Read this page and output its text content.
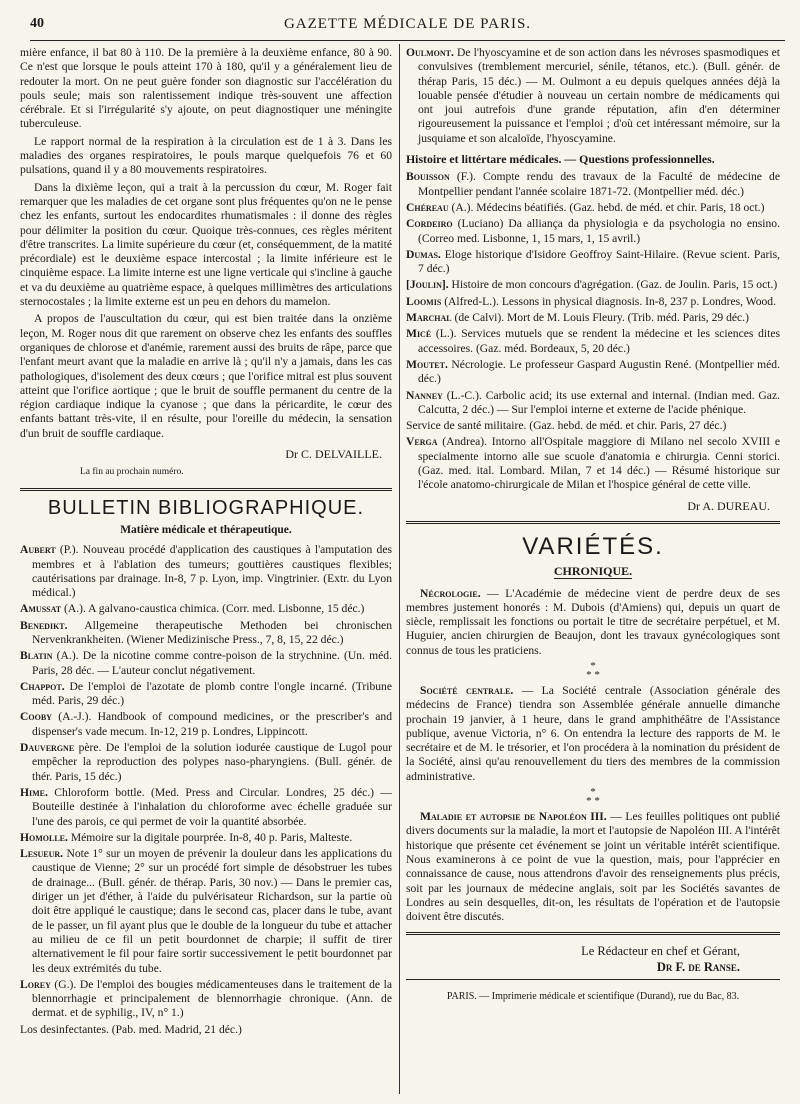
40	GAZETTE MÉDICALE DE PARIS.

mière enfance, il bat 80 à 110. De la première à la deuxième enfance, 80 à 90. Ce n'est que lorsque le pouls atteint 170 à 180, qu'il y a généralement lieu de redouter la mort. On ne peut guère fonder son diagnostic sur l'accélération du pouls seule; mais son ralentissement indique très-souvent une affection cérébrale. Et si l'irrégularité s'y ajoute, on peut diagnostiquer une méningite tuberculeuse.

Le rapport normal de la respiration à la circulation est de 1 à 3. Dans les maladies des organes respiratoires, le pouls marque quelquefois 76 et 60 pulsations, quand il y a 80 mouvements respiratoires.

Dans la dixième leçon, qui a trait à la percussion du cœur, M. Roger fait remarquer que les maladies de cet organe sont plus fréquentes qu'on ne le pense chez les enfants, surtout les endocardites rhumatismales : il donne des règles pour délimiter la position du cœur. Quoique très-connues, ces règles méritent d'être transcrites. La limite supérieure du cœur (et, conséquemment, de la matité précordiale) est le deuxième espace intercostal ; la limite inférieure est le cinquième espace. La limite interne est une ligne verticale qui s'incline à gauche et va du deuxième au quatrième espace, à quelques millimètres des articulations sternocostales ; la limite externe est un peu en dehors du mamelon.

A propos de l'auscultation du cœur, qui est bien traitée dans la onzième leçon, M. Roger nous dit que rarement on observe chez les enfants des souffles organiques de chlorose et d'anémie, rarement aussi des bruits de râpe, parce que l'enfant meurt avant que la maladie en arrive là ; qu'il n'y a jamais, dans les cas pathologiques, d'isolement des deux cœurs ; que l'orifice mitral est plus souvent atteint que l'orifice aortique ; que le bruit de souffle permanent du centre de la région cardiaque indique la cyanose ; que dans la péricardite, le cœur des enfants battant très-vite, il en résulte, pour l'oreille du médecin, la sensation d'un bruit de souffle cardiaque.

Dr C. DELVAILLE.
La fin au prochain numéro.
BULLETIN BIBLIOGRAPHIQUE.
Matière médicale et thérapeutique.

Aubert (P.). Nouveau procédé d'application des caustiques à l'amputation des membres et à l'ablation des tumeurs; gouttières caustiques flexibles; cautérisations par drainage. In-8, 7 p. Lyon, imp. Vingtrinier. (Extr. du Lyon médical.)

Amussat (A.). A galvano-caustica chimica. (Corr. med. Lisbonne, 15 déc.)

Benedikt. Allgemeine therapeutische Methoden bei chronischen Nervenkrankheiten. (Wiener Medizinische Press., 7, 8, 15, 22 déc.)

Blatin (A.). De la nicotine comme contre-poison de la strychnine. (Un. méd. Paris, 28 déc. — L'auteur conclut négativement.

Chappot. De l'emploi de l'azotate de plomb contre l'ongle incarné. (Tribune méd. Paris, 29 déc.)

Cooby (A.-J.). Handbook of compound medicines, or the prescriber's and dispenser's vade mecum. In-12, 219 p. Londres, Lippincott.

Dauvergne père. De l'emploi de la solution iodurée caustique de Lugol pour empêcher la reproduction des polypes naso-pharyngiens. (Bull. génér. de thér. Paris, 15 déc.)

Hime. Chloroform bottle. (Med. Press and Circular. Londres, 25 déc.) — Bouteille destinée à l'inhalation du chloroforme avec échelle graduée sur l'une des parois, ce qui permet de voir la quantité absorbée.

Homolle. Mémoire sur la digitale pourprée. In-8, 40 p. Paris, Malteste.

Lesueur. Note 1° sur un moyen de prévenir la douleur dans les applications du caustique de Vienne; 2° sur un procédé fort simple de désobstruer les tubes de drainage... (Bull. génér. de thérap. Paris, 30 nov.) — Dans le premier cas, diriger un jet d'éther, à l'aide du pulvérisateur Richardson, sur la partie où doit être appliqué le caustique; dans le second cas, placer dans le tube, avant de le passer, un fil ayant plus que le double de la longueur du tube et attacher au milieu de ce fil un petit bourdonnet de charpie; il suffit de tirer alternativement le fil pour faire sortir successivement le petit bourdonnet par les deux extrémités du tube.

Lorey (G.). De l'emploi des bougies médicamenteuses dans le traitement de la blennorrhagie et principalement de blennorrhagie chronique. (Ann. de dermat. et de syphilig., IV, n° 1.)

Los desinfectantes. (Pab. med. Madrid, 21 déc.)

Oulmont. De l'hyoscyamine et de son action dans les névroses spasmodiques et convulsives (tremblement mercuriel, sénile, tétanos, etc.). (Bull. génér. de thérap Paris, 15 déc.) — M. Oulmont a eu depuis quelques années déjà la louable pensée d'étudier à nouveau un certain nombre de médicaments qui ont joui autrefois d'une grande réputation, afin d'en déterminer rigoureusement la puissance et l'emploi ; d'où cet intéressant mémoire, sur la jusquiame et son alcaloïde, l'hyoscyamine.

Histoire et littértare médicales. — Questions professionnelles.

Bouisson (F.). Compte rendu des travaux de la Faculté de médecine de Montpellier pendant l'année scolaire 1871-72. (Montpellier méd. déc.)

Chéreau (A.). Médecins béatifiés. (Gaz. hebd. de méd. et chir. Paris, 18 oct.)

Cordeiro (Luciano) Da alliança da physiologia e da psychologia no ensino. (Correo med. Lisbonne, 1, 15 mars, 1, 15 avril.)

Dumas. Eloge historique d'Isidore Geoffroy Saint-Hilaire. (Revue scient. Paris, 7 déc.)

[Joulin]. Histoire de mon concours d'agrégation. (Gaz. de Joulin. Paris, 15 oct.)

Loomis (Alfred-L.). Lessons in physical diagnosis. In-8, 237 p. Londres, Wood.

Marchal (de Calvi). Mort de M. Louis Fleury. (Trib. méd. Paris, 29 déc.)

Micé (L.). Services mutuels que se rendent la médecine et les sciences dites accessoires. (Gaz. méd. Bordeaux, 5, 20 déc.)

Moutet. Nécrologie. Le professeur Gaspard Augustin René. (Montpellier méd. déc.)

Nanney (L.-C.). Carbolic acid; its use external and internal. (Indian med. Gaz. Calcutta, 2 déc.) — Sur l'emploi interne et externe de l'acide phénique.

Service de santé militaire. (Gaz. hebd. de méd. et chir. Paris, 27 déc.)

Verga (Andrea). Intorno all'Ospitale maggiore di Milano nel secolo XVIII e specialmente intorno alle sue scuole d'anatomia e chirurgia. Cenni storici. (Gaz. med. ital. Lombard. Milan, 7 et 14 déc.) — Résumé historique sur l'école anatomo-chirurgicale de Milan et l'hospice général de cette ville.

Dr A. DUREAU.
VARIÉTÉS.
CHRONIQUE.

Nécrologie. — L'Académie de médecine vient de perdre deux de ses membres justement honorés : M. Dubois (d'Amiens) qui, depuis un quart de siècle, remplissait les fonctions ou portait le titre de secrétaire perpétuel, et M. Huguier, ancien chirurgien de Beaujon, dont les travaux gynécologiques sont connus de tous les praticiens.

*
* *

Société centrale. — La Société centrale (Association générale des médecins de France) tiendra son Assemblée générale annuelle dimanche prochain 19 janvier, à 1 heure, dans le grand amphithéâtre de l'Assistance publique, avenue Victoria, n° 6. On entendra la lecture des rapports de M. le secrétaire et de M. le trésorier, et l'on procédera à la nomination du président de la Société, ainsi qu'au renouvellement du tiers des membres de la commission administrative.

*
* *

Maladie et autopsie de Napoléon III. — Les feuilles politiques ont publié divers documents sur la maladie, la mort et l'autopsie de Napoléon III. A l'intérêt historique que présente cet événement se joint un véritable intérêt scientifique. Nous examinerons à ce point de vue la question, mais, pour l'apprécier en connaissance de cause, nous attendrons d'avoir des renseignements plus précis, soit par les journaux de médecine anglais, soit par les Sociétés savantes de Londres au sein desquelles, dit-on, les résultats de l'opération et de l'autopsie doivent être discutés.

Le Rédacteur en chef et Gérant,
Dr F. de Ranse.
PARIS. — Imprimerie médicale et scientifique (Durand), rue du Bac, 83.
